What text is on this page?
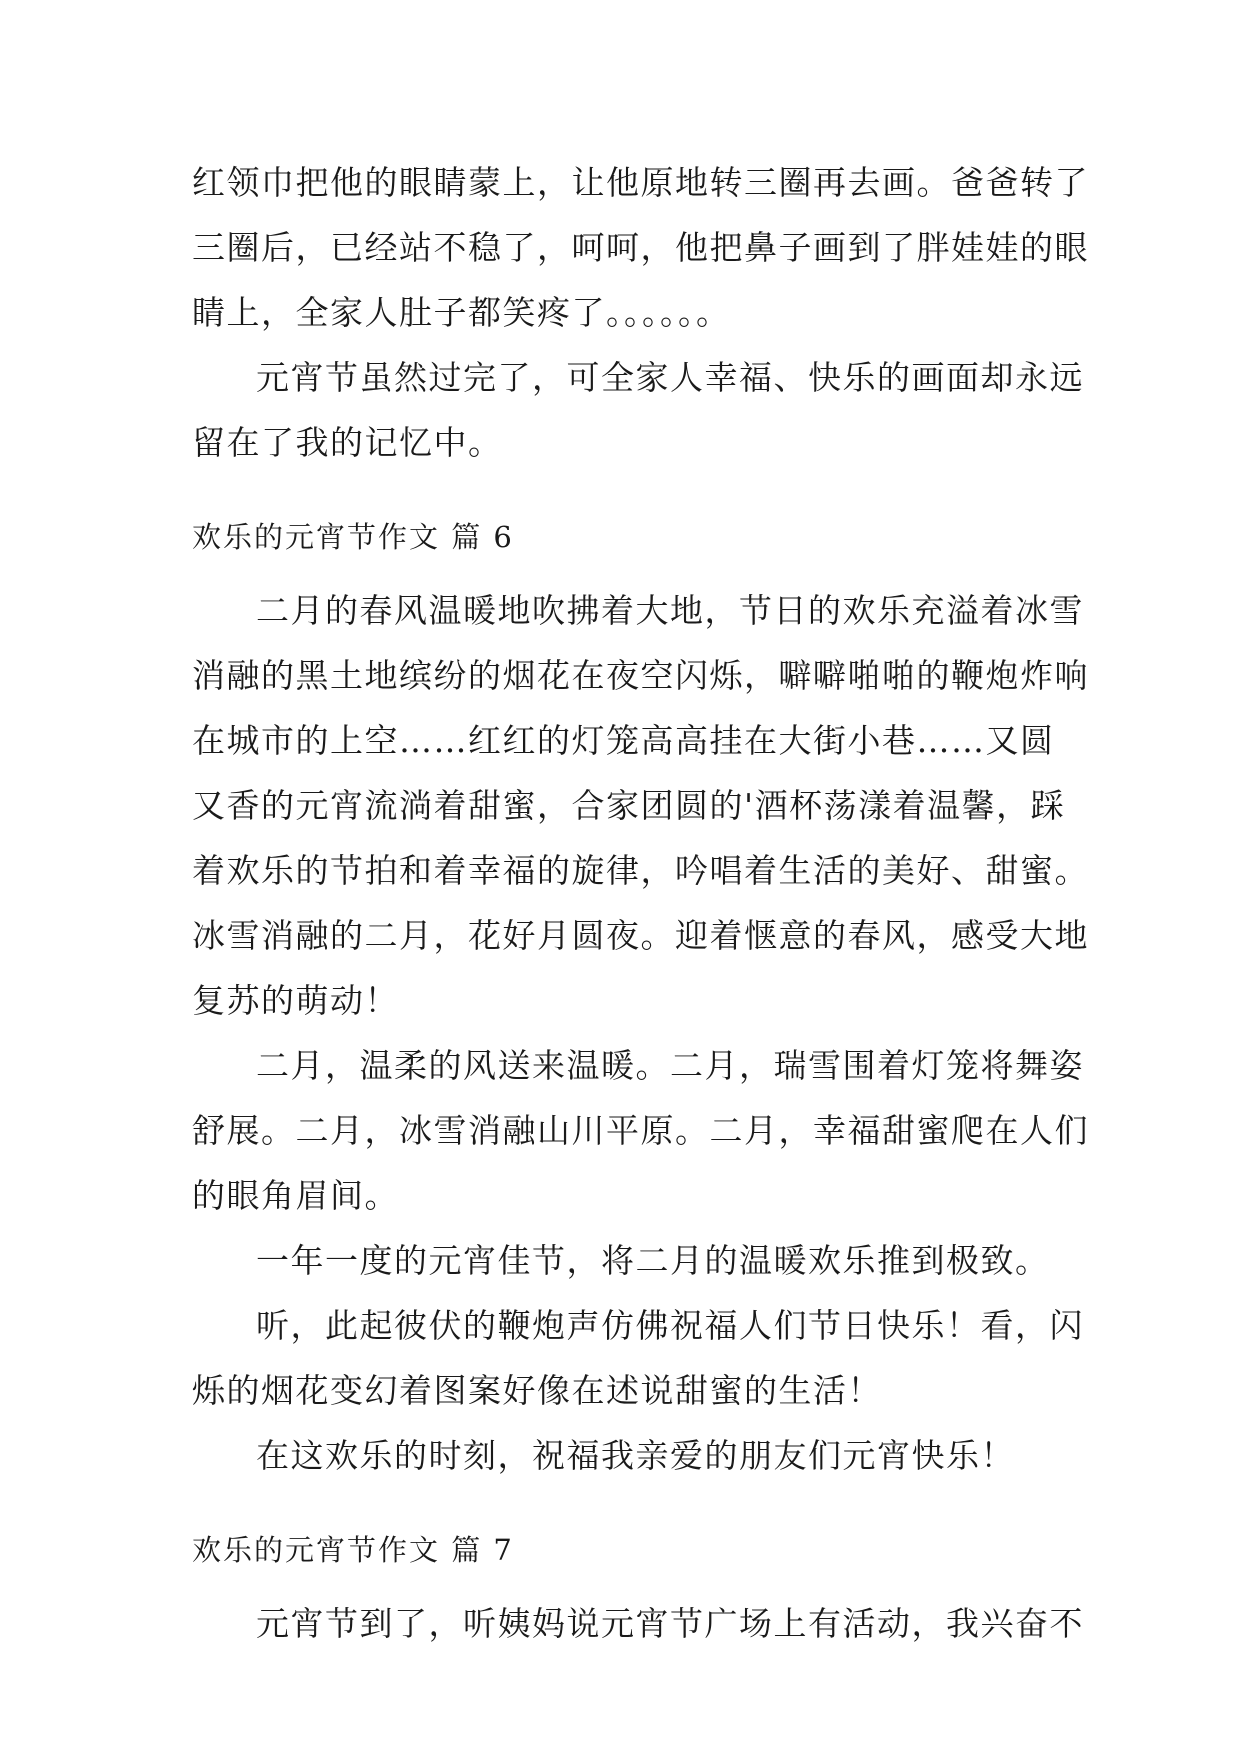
红领巾把他的眼睛蒙上，让他原地转三圈再去画。爸爸转了
三圈后，已经站不稳了，呵呵，他把鼻子画到了胖娃娃的眼
睛上，全家人肚子都笑疼了。。。。。。
元宵节虽然过完了，可全家人幸福、快乐的画面却永远
留在了我的记忆中。
欢乐的元宵节作文 篇 6
二月的春风温暖地吹拂着大地，节日的欢乐充溢着冰雪
消融的黑土地缤纷的烟花在夜空闪烁，噼噼啪啪的鞭炮炸响
在城市的上空……红红的灯笼高高挂在大街小巷……又圆
又香的元宵流淌着甜蜜，合家团圆的'酒杯荡漾着温馨，踩
着欢乐的节拍和着幸福的旋律，吟唱着生活的美好、甜蜜。
冰雪消融的二月，花好月圆夜。迎着惬意的春风，感受大地
复苏的萌动！
二月，温柔的风送来温暖。二月，瑞雪围着灯笼将舞姿
舒展。二月，冰雪消融山川平原。二月，幸福甜蜜爬在人们
的眼角眉间。
一年一度的元宵佳节，将二月的温暖欢乐推到极致。
听，此起彼伏的鞭炮声仿佛祝福人们节日快乐！看，闪
烁的烟花变幻着图案好像在述说甜蜜的生活！
在这欢乐的时刻，祝福我亲爱的朋友们元宵快乐！
欢乐的元宵节作文 篇 7
元宵节到了，听姨妈说元宵节广场上有活动，我兴奋不
